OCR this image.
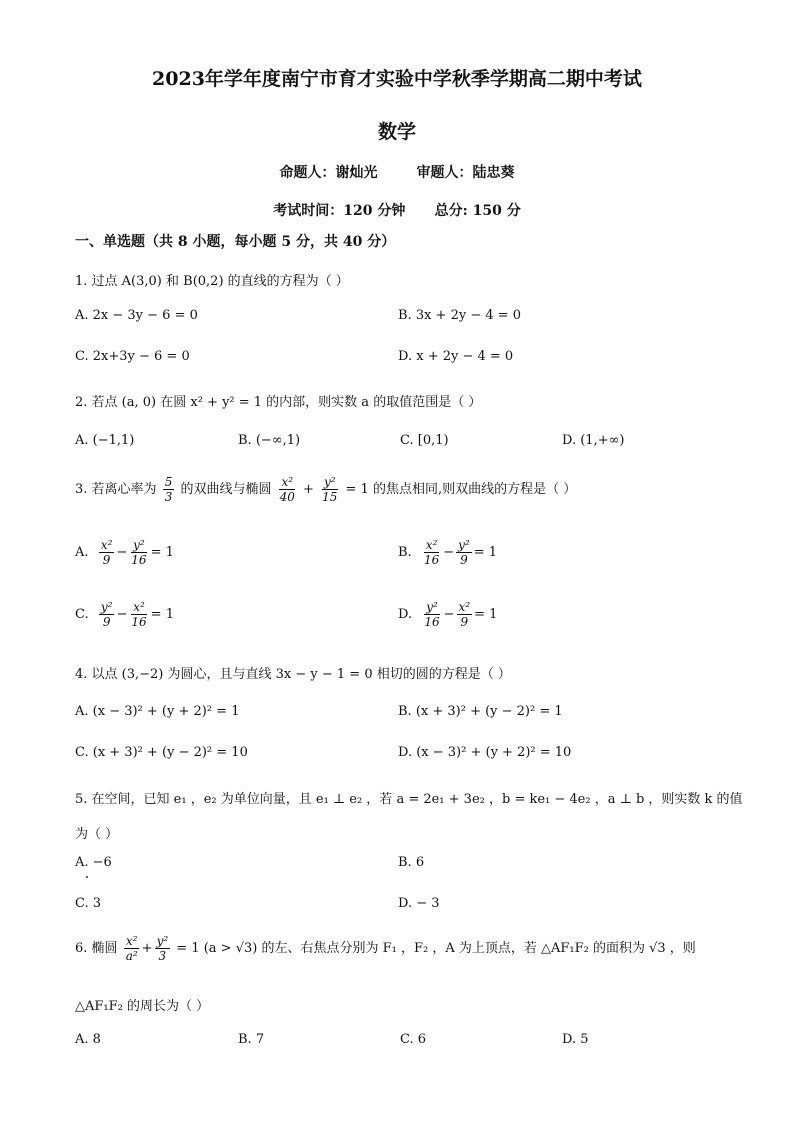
2023年学年度南宁市育才实验中学秋季学期高二期中考试
数学
命题人：谢灿光        审题人：陆忠葵
考试时间：120 分钟      总分: 150 分
一、单选题（共 8 小题，每小题 5 分，共 40 分）
1. 过点 A(3,0) 和 B(0,2) 的直线的方程为（ ）
A. 2x − 3y − 6 = 0	B. 3x + 2y − 4 = 0
C. 2x+3y − 6 = 0	D. x + 2y − 4 = 0
2. 若点 (a, 0) 在圆 x² + y² = 1 的内部，则实数 a 的取值范围是（ ）
A. (−1,1)	B. (−∞,1)	C. [0,1)	D. (1,+∞)
3. 若离心率为 $\frac{5}{3}$ 的双曲线与椭圆 $\frac{\text{x²}}{40} + \frac{\text{y²}}{15} = 1$ 的焦点相同,则双曲线的方程是（ ）
A. $\frac{\text{x²}}{9} - \frac{\text{y²}}{16} = 1$	B. $\frac{\text{x²}}{16} - \frac{\text{y²}}{9} = 1$
C. $\frac{\text{y²}}{9} - \frac{\text{x²}}{16} = 1$	D. $\frac{\text{y²}}{16} - \frac{\text{x²}}{9} = 1$
4. 以点 (3,−2) 为圆心，且与直线 3x − y − 1 = 0 相切的圆的方程是（ ）
A. (x − 3)² + (y + 2)² = 1	B. (x + 3)² + (y − 2)² = 1
C. (x + 3)² + (y − 2)² = 10	D. (x − 3)² + (y + 2)² = 10
5. 在空间，已知 e₁ ，e₂ 为单位向量，且 e₁ ⊥ e₂ ，若 a = 2e₁ + 3e₂ ，b = ke₁ − 4e₂ ，a ⊥ b ，则实数 k 的值
为（ ）
A. −6	B. 6
C. 3	D. − 3
6. 椭圆 $\frac{\text{x²}}{\text{a²}} + \frac{\text{y²}}{3} = 1$ (a > √3) 的左、右焦点分别为 F₁ ，F₂ ，A 为上顶点，若 △AF₁F₂ 的面积为 √3 ，则
△AF₁F₂ 的周长为（ ）
A. 8	B. 7	C. 6	D. 5
